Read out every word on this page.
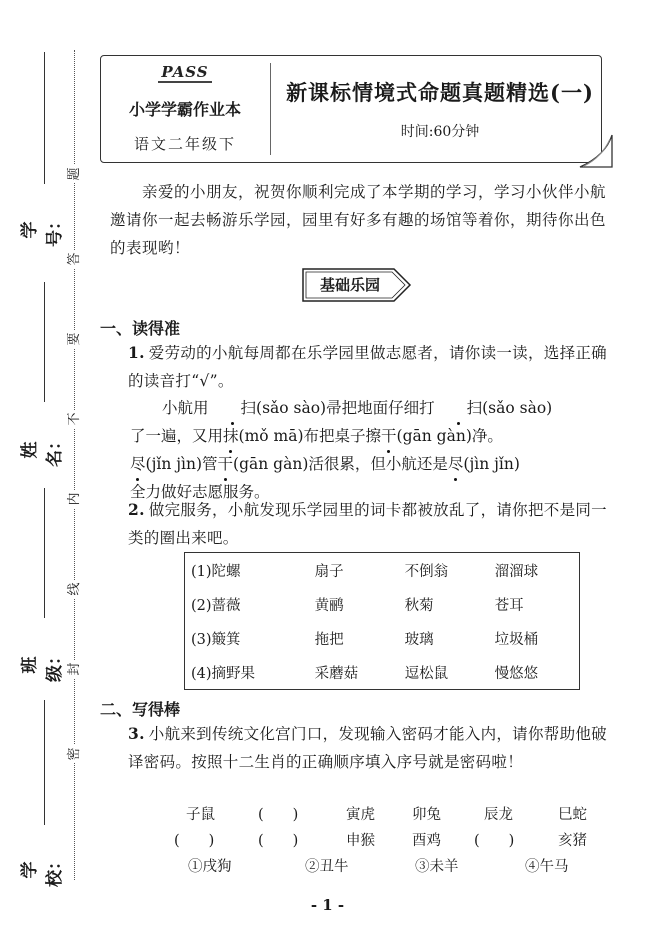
题
答
要
不
内
线
封
密
学号：
姓名：
班级：
学校：
PASS
小学学霸作业本
语文二年级下
新课标情境式命题真题精选(一)
时间:60分钟
亲爱的小朋友，祝贺你顺利完成了本学期的学习，学习小伙伴小航邀请你一起去畅游乐学园，园里有好多有趣的场馆等着你，期待你出色的表现哟！
基础乐园
一、读得准
1. 爱劳动的小航每周都在乐学园里做志愿者，请你读一读，选择正确的读音打“√”。
小航用 扫(sǎo sào)帚把地面仔细打 扫(sǎo sào)
了一遍，又用抹(mǒ mā)布把桌子擦干(gān gàn)净。
尽(jǐn jìn)管干(gān gàn)活很累，但小航还是尽(jìn jǐn)
全力做好志愿服务。
2. 做完服务，小航发现乐学园里的词卡都被放乱了，请你把不是同一类的圈出来吧。
(1)陀螺	扇子	不倒翁	溜溜球
(2)蔷薇	黄鹂	秋菊	苍耳
(3)簸箕	拖把	玻璃	垃圾桶
(4)摘野果	采蘑菇	逗松鼠	慢悠悠
二、写得棒
3. 小航来到传统文化宫门口，发现输入密码才能入内，请你帮助他破译密码。按照十二生肖的正确顺序填入序号就是密码啦！
子鼠	(　　)	寅虎	卯兔	辰龙	巳蛇
(　　)	(　　)	申猴	酉鸡 (　　)	亥猪
①戌狗	②丑牛	③未羊	④午马
- 1 -
